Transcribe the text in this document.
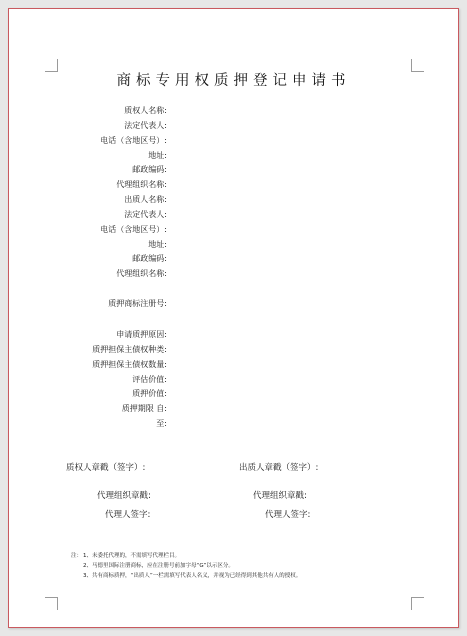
商标专用权质押登记申请书
质权人名称:
法定代表人:
电话（含地区号）:
地址:
邮政编码:
代理组织名称:
出质人名称:
法定代表人:
电话（含地区号）:
地址:
邮政编码:
代理组织名称:
质押商标注册号:
申请质押原因:
质押担保主债权种类:
质押担保主债权数量:
评估价值:
质押价值:
质押期限 自:
至:
质权人章戳（签字）:	出质人章戳（签字）:
代理组织章戳:	代理组织章戳:
代理人签字:	代理人签字:
注：1、未委托代理的，不需填写代理栏目。
2、马德里国际注册商标，应在注册号前加字母“G”以示区分。
3、共有商标质押，“出质人”一栏需填写代表人名义，并视为已经得到其他共有人的授权。
